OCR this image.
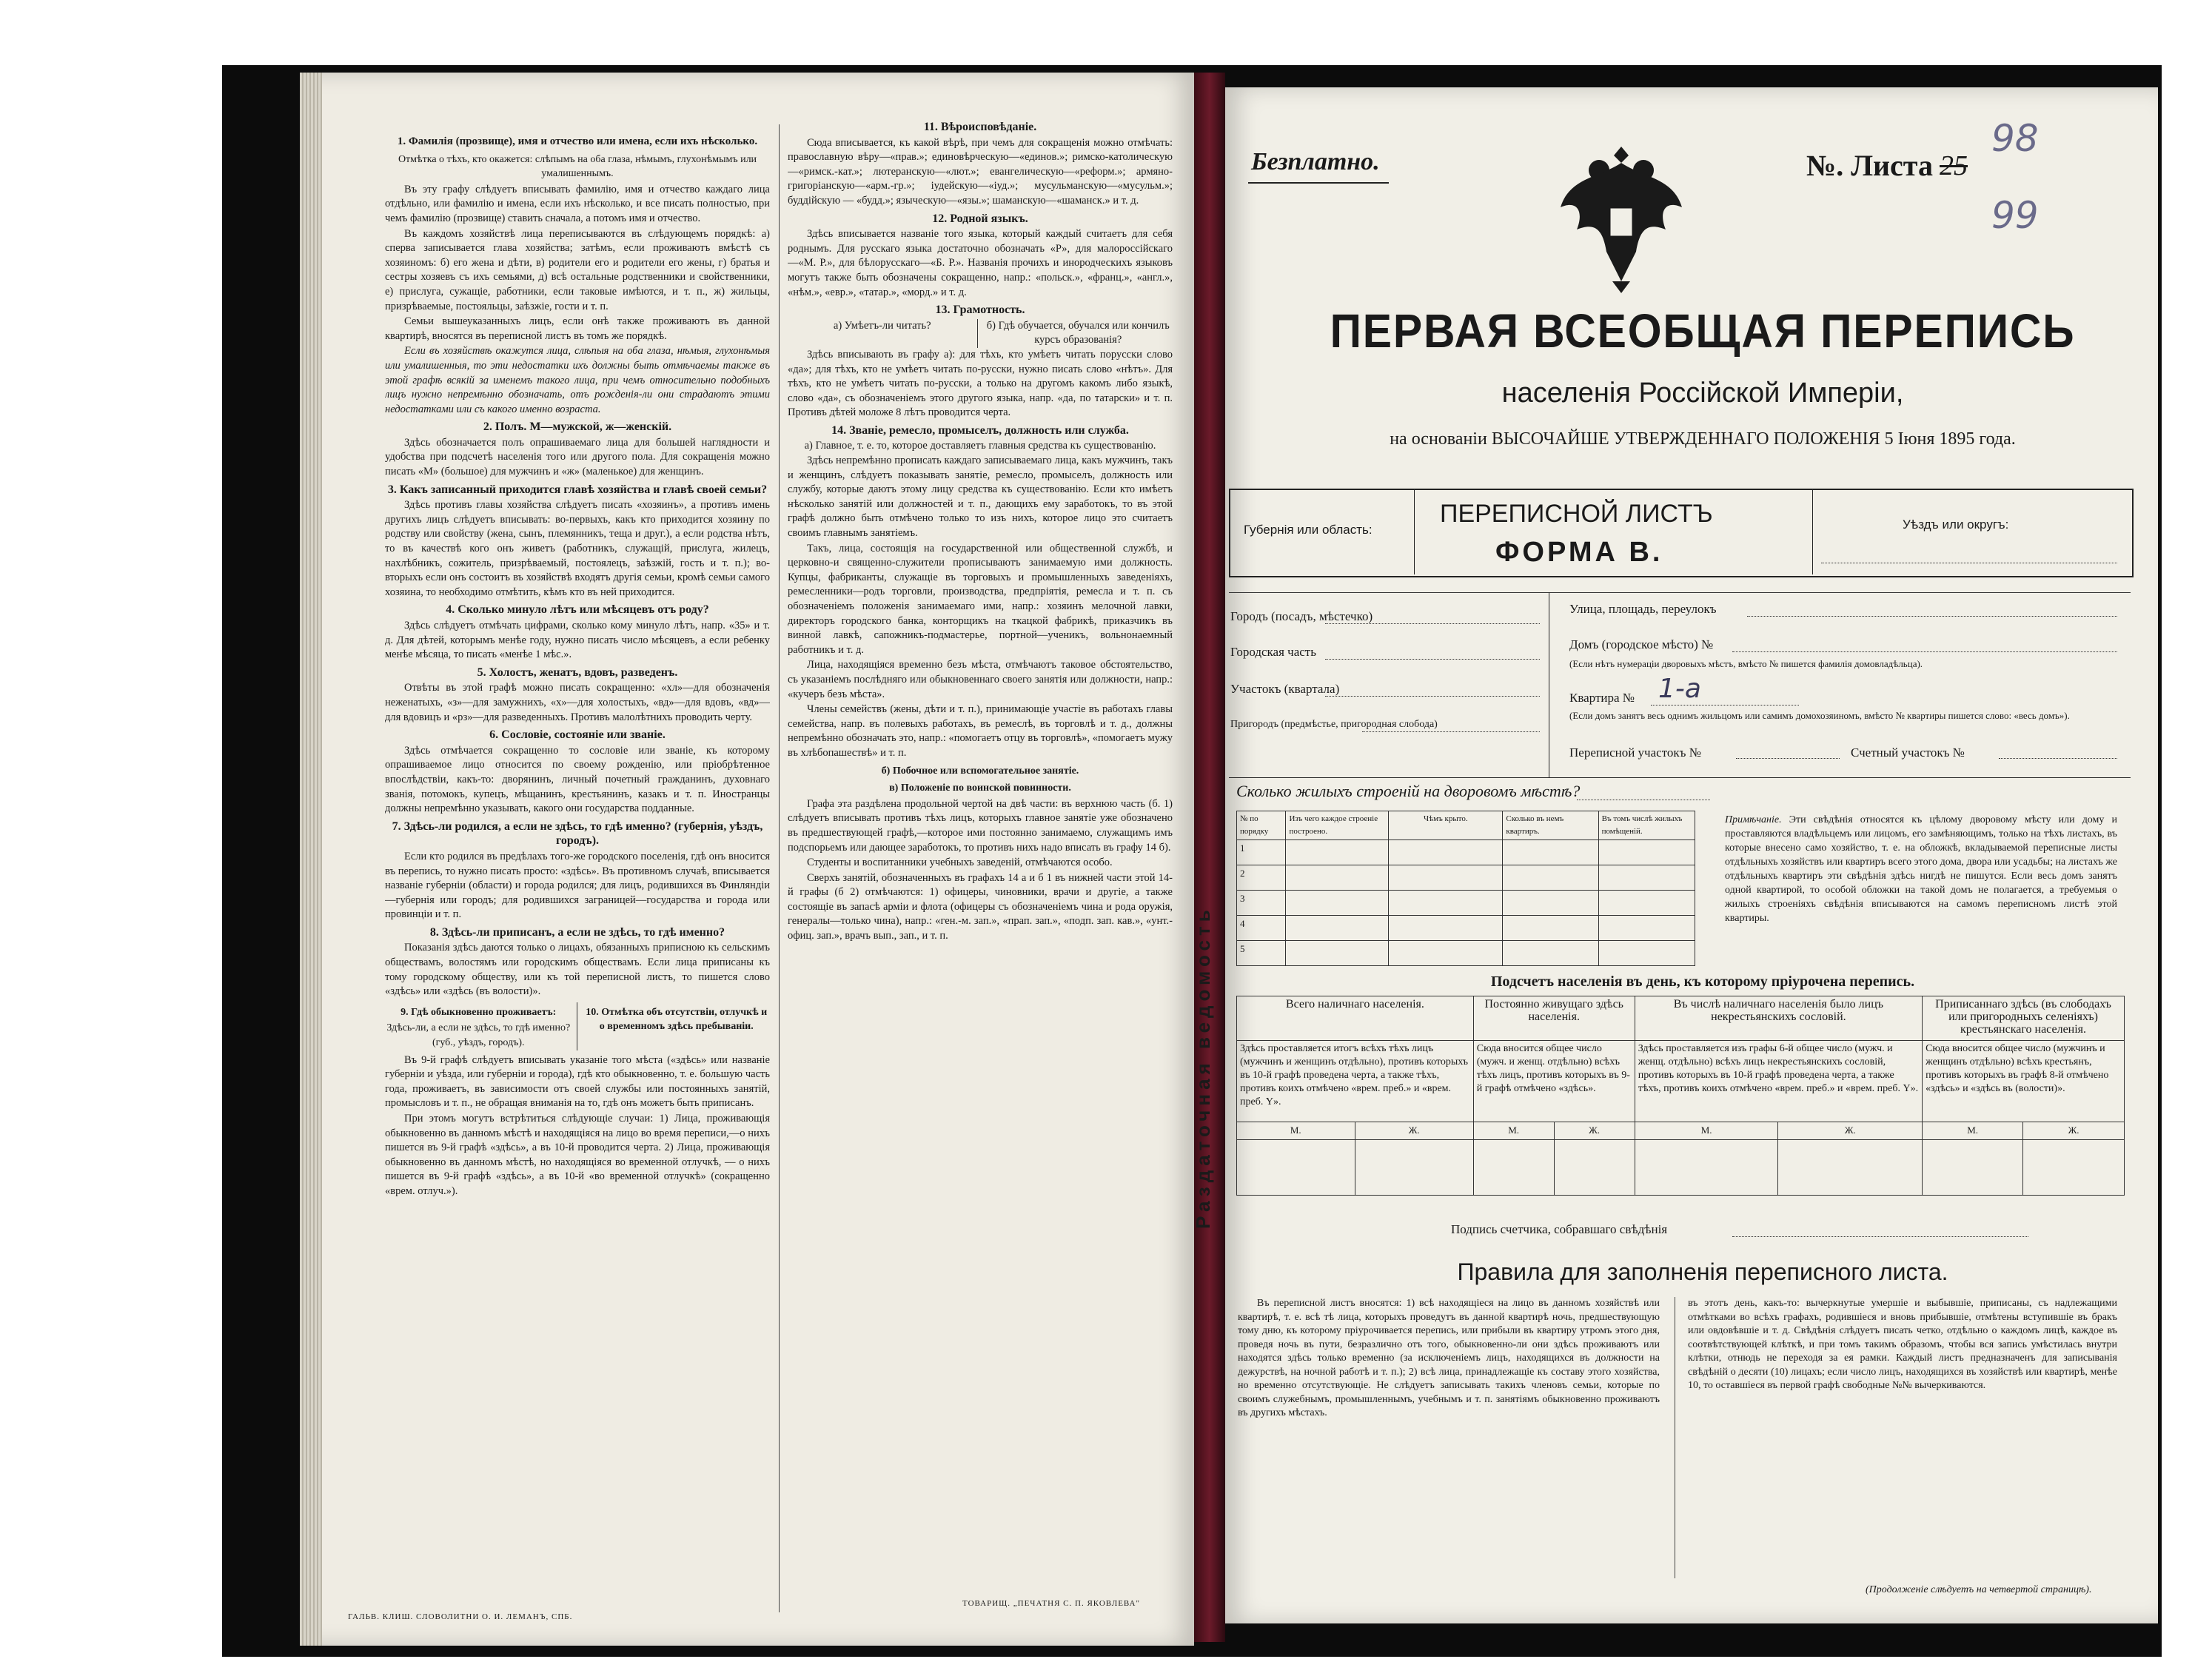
1. Фамилія (прозвище), имя и отчество или имена, если ихъ нѣсколько.
Отмѣтка о тѣхъ, кто окажется: слѣпымъ на оба глаза, нѣмымъ, глухонѣмымъ или умалишеннымъ.

Въ эту графу слѣдуетъ вписывать фамилію, имя и отчество каждаго лица отдѣльно, или фамилію и имена, если ихъ нѣсколько, и все писать полностью, при чемъ фамилію (прозвище) ставить сначала, а потомъ имя и отчество.

Въ каждомъ хозяйствѣ лица переписываются въ слѣдующемъ порядкѣ: а) сперва записывается глава хозяйства; затѣмъ, если проживаютъ вмѣстѣ съ хозяиномъ: б) его жена и дѣти, в) родители его и родители его жены, г) братья и сестры хозяевъ съ ихъ семьями, д) всѣ остальные родственники и свойственники, е) прислуга, сужащіе, работники, если таковые имѣются, и т. п., ж) жильцы, призрѣваемые, постояльцы, заѣзжіе, гости и т. п.

Семьи вышеуказанныхъ лицъ, если онѣ также проживаютъ въ данной квартирѣ, вносятся въ переписной листъ въ томъ же порядкѣ.

Если въ хозяйствѣ окажутся лица, слѣпыя на оба глаза, нѣмыя, глухонѣмыя или умалишенныя, то эти недостатки ихъ должны быть отмѣчаемы также въ этой графѣ всякій за именемъ такого лица, при чемъ относительно подобныхъ лицъ нужно непремѣнно обозначать, отъ рожденія-ли они страдаютъ этими недостатками или съ какого именно возраста.

2. Полъ. М—мужской, ж—женскій.

Здѣсь обозначается полъ опрашиваемаго лица для большей наглядности и удобства при подсчетѣ населенія того или другого пола. Для сокращенія можно писать «М» (большое) для мужчинъ и «ж» (маленькое) для женщинъ.

3. Какъ записанный приходится главѣ хозяйства и главѣ своей семьи?

Здѣсь противъ главы хозяйства слѣдуетъ писать «хозяинъ», а противъ имень другихъ лицъ слѣдуетъ вписывать: во-первыхъ, какъ кто приходится хозяину по родству или свойству (жена, сынъ, племянникъ, теща и друг.), а если родства нѣтъ, то въ качествѣ кого онъ живетъ (работникъ, служащій, прислуга, жилецъ, нахлѣбникъ, сожитель, призрѣваемый, постоялецъ, заѣзжій, гость и т. п.); во-вторыхъ если онъ состоитъ въ хозяйствѣ входятъ другія семьи, кромѣ семьи самого хозяина, то необходимо отмѣтить, кѣмъ кто въ ней приходится.

4. Сколько минуло лѣтъ или мѣсяцевъ отъ роду?

Здѣсь слѣдуетъ отмѣчать цифрами, сколько кому минуло лѣтъ, напр. «35» и т. д. Для дѣтей, которымъ менѣе году, нужно писать число мѣсяцевъ, а если ребенку менѣе мѣсяца, то писать «менѣе 1 мѣс.».

5. Холостъ, женатъ, вдовъ, разведенъ.

Отвѣты въ этой графѣ можно писать сокращенно: «хл»—для обозначенія неженатыхъ, «з»—для замужнихъ, «х»—для холостыхъ, «вд»—для вдовъ, «вд»—для вдовицъ и «рз»—для разведенныхъ. Противъ малолѣтнихъ проводить черту.

6. Сословіе, состояніе или званіе.

Здѣсь отмѣчается сокращенно то сословіе или званіе, къ которому опрашиваемое лицо относится по своему рожденію, или пріобрѣтенное впослѣдствіи, какъ-то: дворянинъ, личный почетный гражданинъ, духовнаго званія, потомокъ, купецъ, мѣщанинъ, крестьянинъ, казакъ и т. п. Иностранцы должны непремѣнно указывать, какого они государства подданные.

7. Здѣсь-ли родился, а если не здѣсь, то гдѣ именно? (губернія, уѣздъ, городъ).

Если кто родился въ предѣлахъ того-же городского поселенія, гдѣ онъ вносится въ перепись, то нужно писать просто: «здѣсь». Въ противномъ случаѣ, вписывается названіе губерніи (области) и города родился; для лицъ, родившихся въ Финляндіи—губернія или городъ; для родившихся заграницей—государства и города или провинціи и т. п.

8. Здѣсь-ли приписанъ, а если не здѣсь, то гдѣ именно?

Показанія здѣсь даются только о лицахъ, обязанныхъ приписною къ сельскимъ обществамъ, волостямъ или городскимъ обществамъ. Если лица приписаны къ тому городскому обществу, или къ той переписной листъ, то пишется слово «здѣсь» или «здѣсь (въ волости)».

9. Гдѣ обыкновенно проживаетъ:
Здѣсь-ли, а если не здѣсь, то гдѣ именно? (губ., уѣздъ, городъ).
10. Отмѣтка объ отсутствіи, отлучкѣ и о временномъ здѣсь пребываніи.

Въ 9-й графѣ слѣдуетъ вписывать указаніе того мѣста («здѣсь» или названіе губерніи и уѣзда, или губерніи и города), гдѣ кто обыкновенно, т. е. большую часть года, проживаетъ, въ зависимости отъ своей службы или постоянныхъ занятій, промысловъ и т. п., не обращая вниманія на то, гдѣ онъ можетъ быть приписанъ.

При этомъ могутъ встрѣтиться слѣдующіе случаи: 1) Лица, проживающія обыкновенно въ данномъ мѣстѣ и находящіяся на лицо во время переписи,—о нихъ пишется въ 9-й графѣ «здѣсь», а въ 10-й проводится черта. 2) Лица, проживающія обыкновенно въ данномъ мѣстѣ, но находящіяся во временной отлучкѣ, — о нихъ пишется въ 9-й графѣ «здѣсь», а въ 10-й «во временной отлучкѣ» (сокращенно «врем. отлуч.»).

ГАЛЬВ. КЛИШ. СЛОВОЛИТНИ О. И. ЛЕМАНЪ, СПБ.
11. Вѣроисповѣданіе.

Сюда вписывается, къ какой вѣрѣ, при чемъ для сокращенія можно отмѣчать: православную вѣру—«прав.»; единовѣрческую—«единов.»; римско-католическую—«римск.-кат.»; лютеранскую—«лют.»; евангелическую—«реформ.»; армяно-григоріанскую—«арм.-гр.»; іудейскую—«іуд.»; мусульманскую—«мусульм.»; буддійскую — «будд.»; языческую—«язы.»; шаманскую—«шаманск.» и т. д.

12. Родной языкъ.

Здѣсь вписывается названіе того языка, который каждый считаетъ для себя роднымъ. Для русскаго языка достаточно обозначать «Р», для малороссійскаго—«М. Р.», для бѣлорусскаго—«Б. Р.». Названія прочихъ и инородческихъ языковъ могутъ также быть обозначены сокращенно, напр.: «польск.», «франц.», «англ.», «нѣм.», «евр.», «татар.», «морд.» и т. д.

13. Грамотность.
а) Умѣетъ-ли читать?	б) Гдѣ обучается, обучался или кончилъ курсъ образованія?

Здѣсь вписывають въ графу а): для тѣхъ, кто умѣетъ читать порусски слово «да»; для тѣхъ, кто не умѣетъ читать по-русски, нужно писать слово «нѣтъ». Для тѣхъ, кто не умѣетъ читать по-русски, а только на другомъ какомъ либо языкѣ, слово «да», съ обозначеніемъ этого другого языка, напр. «да, по татарски» и т. п. Противъ дѣтей моложе 8 лѣтъ проводится черта.

14. Званіе, ремесло, промыселъ, должность или служба.
а) Главное, т. е. то, которое доставляетъ главныя средства къ существованію.

Здѣсь непремѣнно прописать каждаго записываемаго лица, какъ мужчинъ, такъ и женщинъ, слѣдуетъ показывать занятіе, ремесло, промыселъ, должность или службу, которые даютъ этому лицу средства къ существованію. Если кто имѣетъ нѣсколько занятій или должностей и т. п., дающихъ ему заработокъ, то въ этой графѣ должно быть отмѣчено только то изъ нихъ, которое лицо это считаетъ своимъ главнымъ занятіемъ.

Такъ, лица, состоящія на государственной или общественной службѣ, и церковно-и священно-служители прописываютъ занимаемую ими должность. Купцы, фабриканты, служащіе въ торговыхъ и промышленныхъ заведеніяхъ, ремесленники—родъ торговли, производства, предпріятія, ремесла и т. п. съ обозначеніемъ положенія занимаемаго ими, напр.: хозяинъ мелочной лавки, директоръ городского банка, конторщикъ на ткацкой фабрикѣ, приказчикъ въ винной лавкѣ, сапожникъ-подмастерье, портной—ученикъ, вольнонаемный работникъ и т. д.

Лица, находящіяся временно безъ мѣста, отмѣчаютъ таковое обстоятельство, съ указаніемъ послѣдняго или обыкновеннаго своего занятія или должности, напр.: «кучеръ безъ мѣста».

Члены семействъ (жены, дѣти и т. п.), принимающіе участіе въ работахъ главы семейства, напр. въ полевыхъ работахъ, въ ремеслѣ, въ торговлѣ и т. д., должны непремѣнно обозначать это, напр.: «помогаетъ отцу въ торговлѣ», «помогаетъ мужу въ хлѣбопашествѣ» и т. п.

б) Побочное или вспомогательное занятіе.
в) Положеніе по воинской повинности.

Графа эта раздѣлена продольной чертой на двѣ части: въ верхнюю часть (б. 1) слѣдуетъ вписывать противъ тѣхъ лицъ, которыхъ главное занятіе уже обозначено въ предшествующей графѣ,—которое ими постоянно занимаемо, служащимъ имъ подспорьемъ или дающее заработокъ, то противъ нихъ надо вписать въ графу 14 б).

Студенты и воспитанники учебныхъ заведеній, отмѣчаются особо.

Сверхъ занятій, обозначенныхъ въ графахъ 14 а и б 1 въ нижней части этой 14-й графы (б 2) отмѣчаются: 1) офицеры, чиновники, врачи и другіе, а также состоящіе въ запасѣ арміи и флота (офицеры съ обозначеніемъ чина и рода оружія, генералы—только чина), напр.: «ген.-м. зап.», «прап. зап.», «подп. зап. кав.», «унт.-офиц. зап.», врачъ вып., зап., и т. п.

ТОВАРИЩ. „ПЕЧАТНЯ С. П. ЯКОВЛЕВА"
Безплатно.	№. Листа 25
98
99
ПЕРВАЯ ВСЕОБЩАЯ ПЕРЕПИСЬ
населенія Россійской Имперіи,
на основаніи ВЫСОЧАЙШЕ УТВЕРЖДЕННАГО ПОЛОЖЕНІЯ 5 Іюня 1895 года.
Губернія или область:
ПЕРЕПИСНОЙ ЛИСТЪ
ФОРМА В.
Уѣздъ или округъ:
Городъ (посадъ, мѣстечко)
Городская часть
Участокъ (квартала)
Пригородъ (предмѣстье, пригородная слобода)
Улица, площадь, переулокъ
Домъ (городское мѣсто) №
(Если нѣтъ нумераціи дворовыхъ мѣстъ, вмѣсто № пишется фамилія домовладѣльца).
Квартира № 1-а
(Если домъ занятъ весь однимъ жильцомъ или самимъ домохозяиномъ, вмѣсто № квартиры пишется слово: «весь домъ»).
Переписной участокъ №	Счетный участокъ №
Раздаточная ведомость
Сколько жилыхъ строеній на дворовомъ мѣстѣ?
№ по порядку	Изъ чего каждое строеніе построено.	Чѣмъ крыто.	Сколько въ немъ квартиръ.	Въ томъ числѣ жилыхъ помѣщеній.
1				
2				
3				
4				
5				
Примѣчаніе. Эти свѣдѣнія относятся къ цѣлому дворовому мѣсту или дому и проставляются владѣльцемъ или лицомъ, его замѣняющимъ, только на тѣхъ листахъ, въ которые внесено само хозяйство, т. е. на обложкѣ, вкладываемой переписные листы отдѣльныхъ хозяйствъ или квартиръ всего этого дома, двора или усадьбы; на листахъ же отдѣльныхъ квартиръ эти свѣдѣнія здѣсь нигдѣ не пишутся. Если весь домъ занятъ одной квартирой, то особой обложки на такой домъ не полагается, а требуемыя о жилыхъ строеніяхъ свѣдѣнія вписываются на самомъ переписномъ листѣ этой квартиры.
Подсчетъ населенія въ день, къ которому пріурочена перепись.
Всего наличнаго населенія.		Постоянно живущаго здѣсь населенія.		Въ числѣ наличнаго населенія было лицъ некрестьянскихъ сословій.		Приписаннаго здѣсь (въ слободахъ или пригородныхъ селеніяхъ) крестьянскаго населенія.	
Здѣсь проставляется итогъ всѣхъ тѣхъ лицъ (мужчинъ и женщинъ отдѣльно), противъ которыхъ въ 10-й графѣ проведена черта, а также тѣхъ, противъ коихъ отмѣчено «врем. преб.» и «врем. преб. Y».		Сюда вносится общее число (мужч. и женщ. отдѣльно) всѣхъ тѣхъ лицъ, противъ которыхъ въ 9-й графѣ отмѣчено «здѣсь».		Здѣсь проставляется изъ графы 6-й общее число (мужч. и женщ. отдѣльно) всѣхъ лицъ некрестьянскихъ сословій, противъ которыхъ въ 10-й графѣ проведена черта, а также тѣхъ, противъ коихъ отмѣчено «врем. преб.» и «врем. преб. Y».		Сюда вносится общее число (мужчинъ и женщинъ отдѣльно) всѣхъ крестьянъ, противъ которыхъ въ графѣ 8-й отмѣчено «здѣсь» и «здѣсь въ (волости)».	
М.	Ж.	М.	Ж.	М.	Ж.	М.	Ж.

Подпись счетчика, собравшаго свѣдѣнія
Правила для заполненія переписного листа.

Въ переписной листъ вносятся: 1) всѣ находящіеся на лицо въ данномъ хозяйствѣ или квартирѣ, т. е. всѣ тѣ лица, которыхъ проведутъ въ данной квартирѣ ночь, предшествующую тому дню, къ которому пріурочивается перепись, или прибыли въ квартиру утромъ этого дня, проведя ночь въ пути, безразлично отъ того, обыкновенно-ли они здѣсь проживаютъ или находятся здѣсь только временно (за исключеніемъ лицъ, находящихся въ должности на дежурствѣ, на ночной работѣ и т. п.); 2) всѣ лица, принадлежащіе къ составу этого хозяйства, но временно отсутствующіе. Не слѣдуетъ записывать такихъ членовъ семьи, которые по своимъ служебнымъ, промышленнымъ, учебнымъ и т. п. занятіямъ обыкновенно проживаютъ въ другихъ мѣстахъ.

въ этотъ день, какъ-то: вычеркнутые умершіе и выбывшіе, приписаны, съ надлежащими отмѣтками во всѣхъ графахъ, родившіеся и вновь прибывшіе, отмѣтены вступившіе въ бракъ или овдовѣвшіе и т. д. Свѣдѣнія слѣдуетъ писать четко, отдѣльно о каждомъ лицѣ, каждое въ соотвѣтствующей клѣткѣ, и при томъ такимъ образомъ, чтобы вся запись умѣстилась внутри клѣтки, отнюдь не переходя за ея рамки. Каждый листъ предназначенъ для записыванія свѣдѣній о десяти (10) лицахъ; если число лицъ, находящихся въ хозяйствѣ или квартирѣ, менѣе 10, то оставшіеся въ первой графѣ свободные №№ вычеркиваются.

(Продолженіе слѣдуетъ на четвертой страницѣ).
